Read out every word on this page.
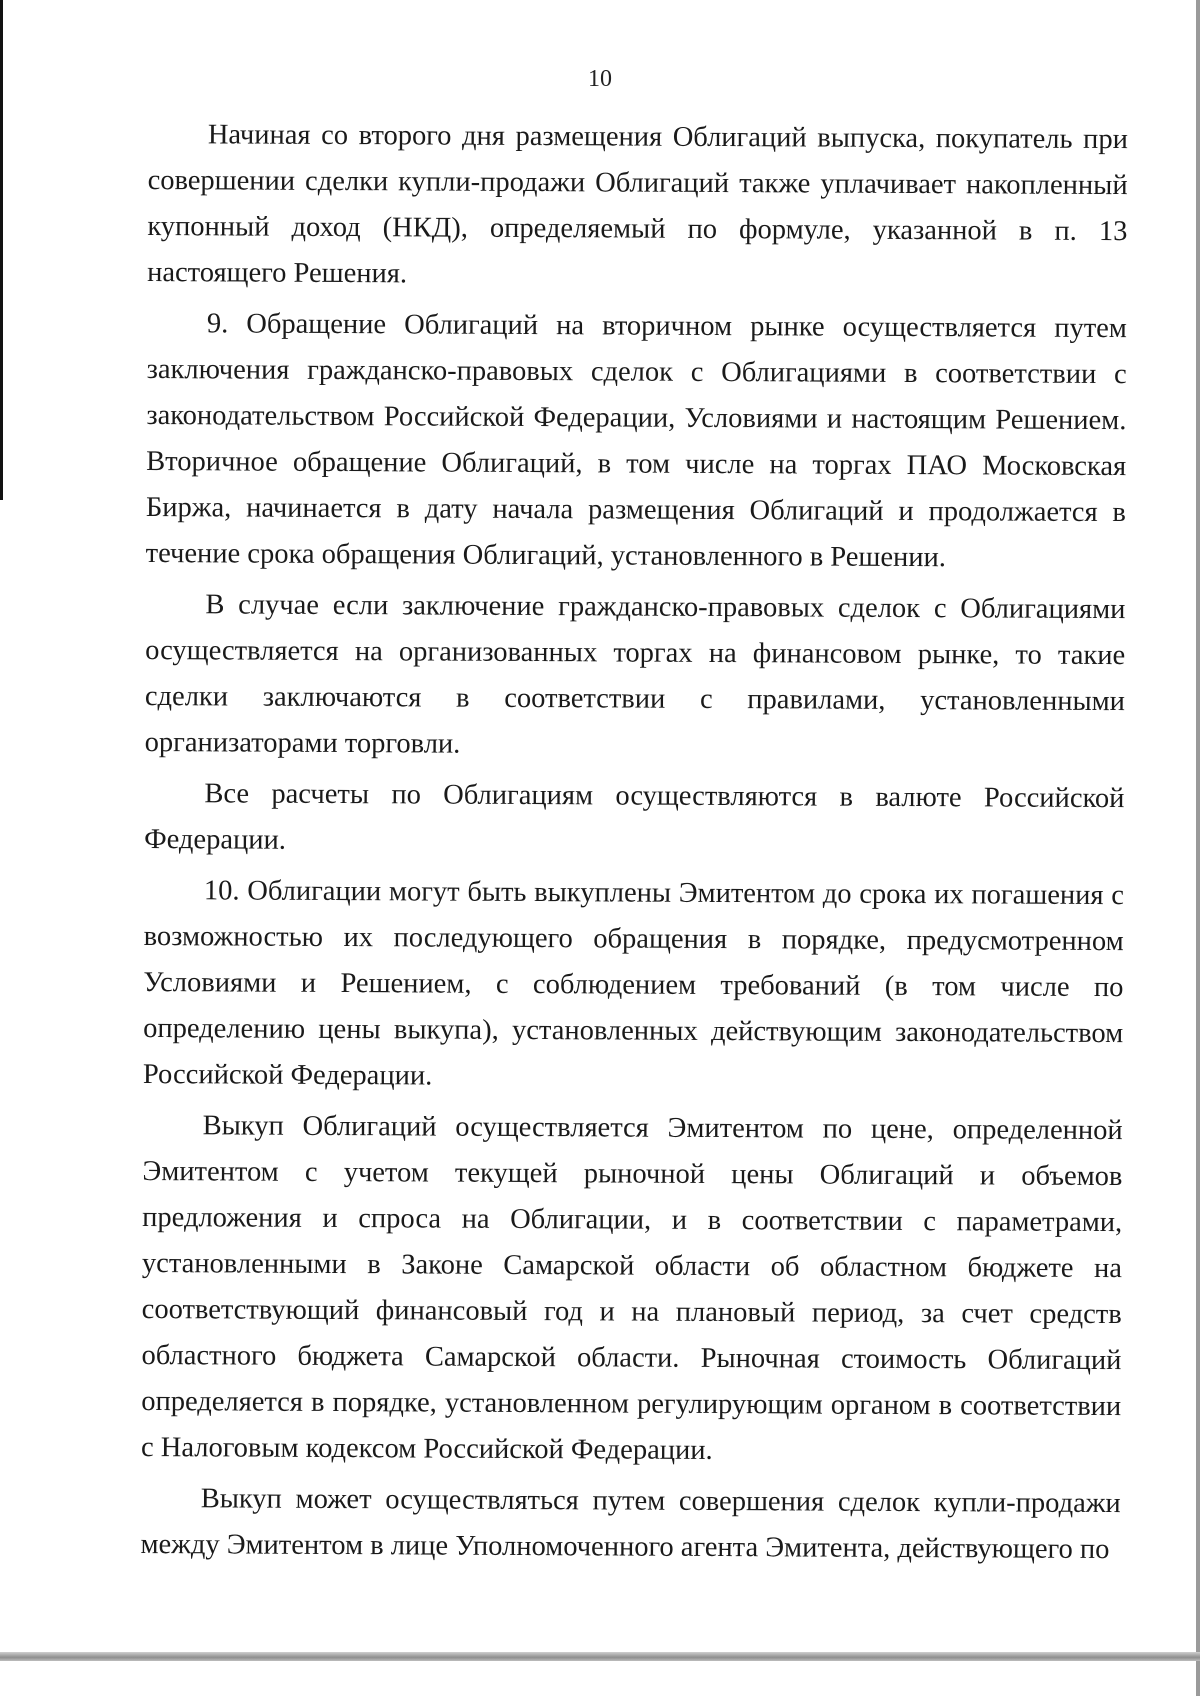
10

Начиная со второго дня размещения Облигаций выпуска, покупатель при совершении сделки купли-продажи Облигаций также уплачивает накопленный купонный доход (НКД), определяемый по формуле, указанной в п. 13 настоящего Решения.

9. Обращение Облигаций на вторичном рынке осуществляется путем заключения гражданско-правовых сделок с Облигациями в соответствии с законодательством Российской Федерации, Условиями и настоящим Решением. Вторичное обращение Облигаций, в том числе на торгах ПАО Московская Биржа, начинается в дату начала размещения Облигаций и продолжается в течение срока обращения Облигаций, установленного в Решении.

В случае если заключение гражданско-правовых сделок с Облигациями осуществляется на организованных торгах на финансовом рынке, то такие сделки заключаются в соответствии с правилами, установленными организаторами торговли.

Все расчеты по Облигациям осуществляются в валюте Российской Федерации.

10. Облигации могут быть выкуплены Эмитентом до срока их погашения с возможностью их последующего обращения в порядке, предусмотренном Условиями и Решением, с соблюдением требований (в том числе по определению цены выкупа), установленных действующим законодательством Российской Федерации.

Выкуп Облигаций осуществляется Эмитентом по цене, определенной Эмитентом с учетом текущей рыночной цены Облигаций и объемов предложения и спроса на Облигации, и в соответствии с параметрами, установленными в Законе Самарской области об областном бюджете на соответствующий финансовый год и на плановый период, за счет средств областного бюджета Самарской области. Рыночная стоимость Облигаций определяется в порядке, установленном регулирующим органом в соответствии с Налоговым кодексом Российской Федерации.

Выкуп может осуществляться путем совершения сделок купли-продажи между Эмитентом в лице Уполномоченного агента Эмитента, действующего по
